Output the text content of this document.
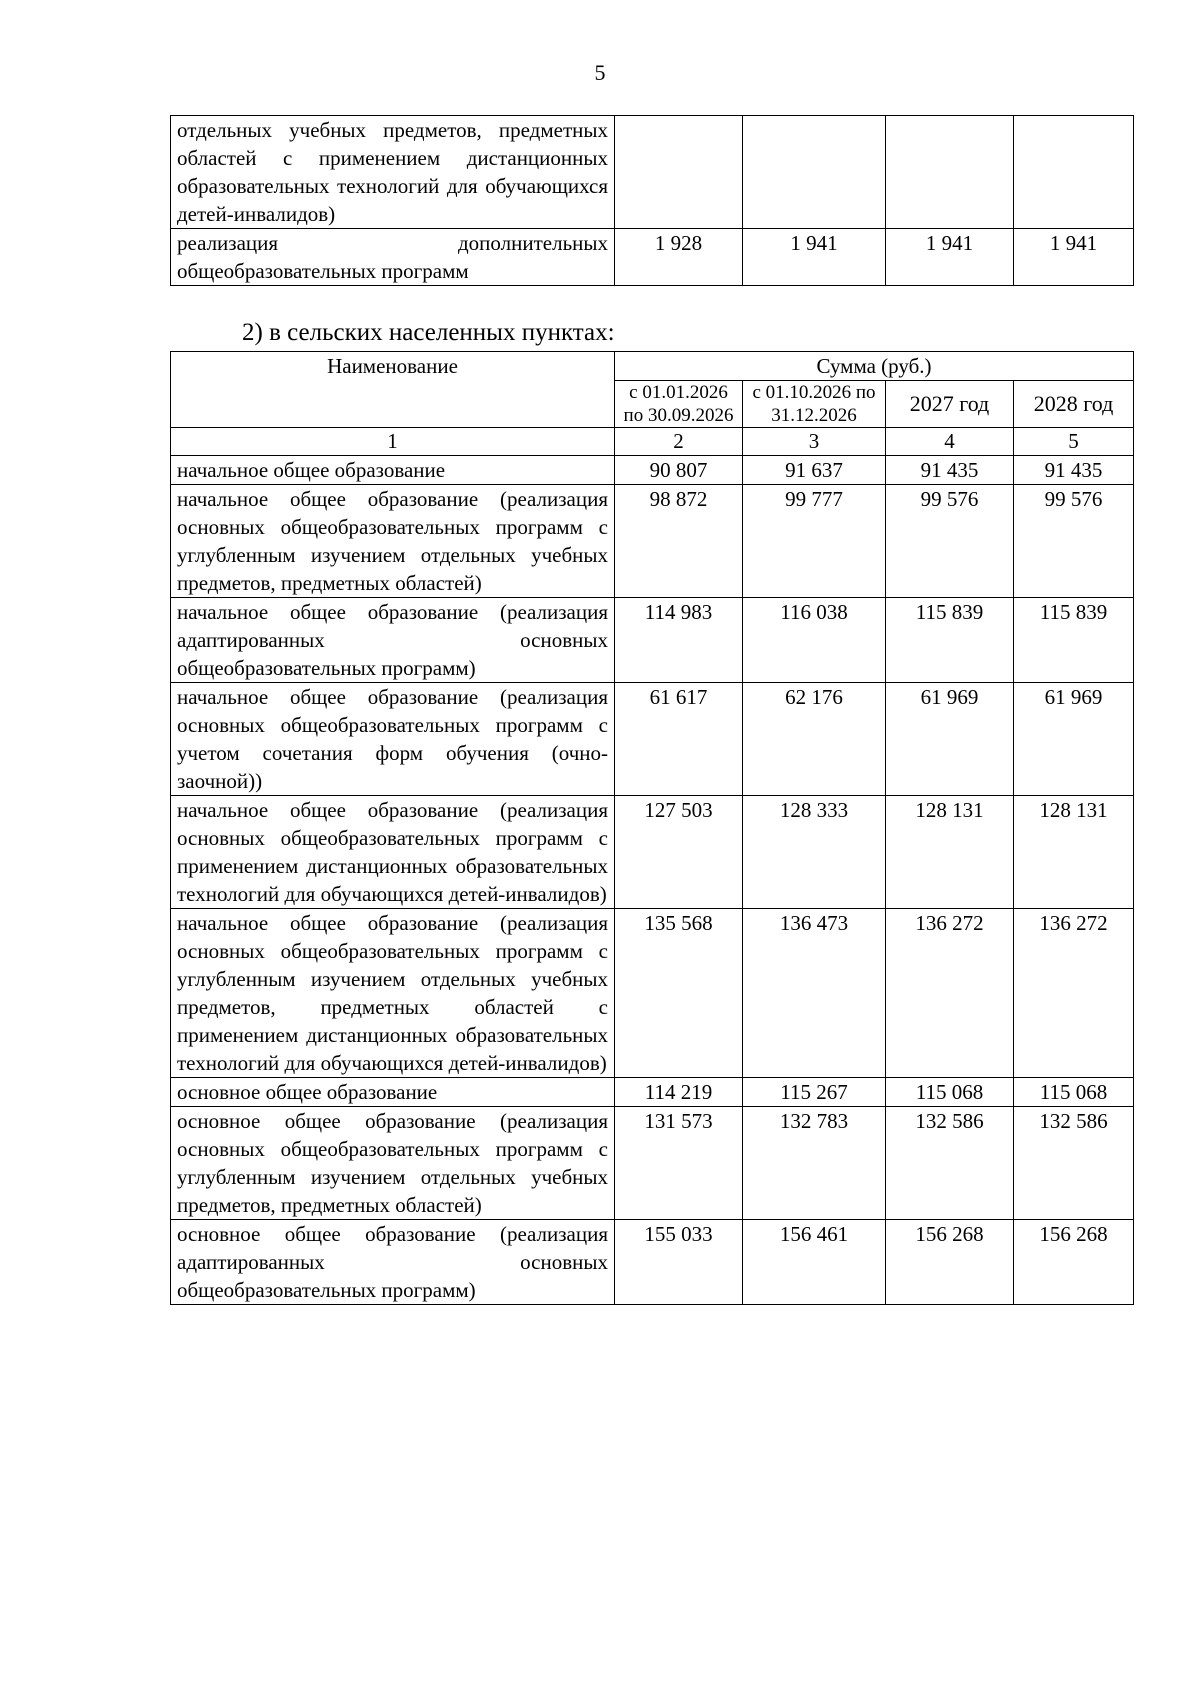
5
отдельных учебных предметов, предметных областей с применением дистанционных образовательных технологий для обучающихся детей-инвалидов)				
реализация дополнительных общеобразовательных программ	1 928	1 941	1 941	1 941
2) в сельских населенных пунктах:
Наименование	Сумма (руб.)			
	с 01.01.2026 по 30.09.2026	с 01.10.2026 по 31.12.2026	2027 год	2028 год
1	2	3	4	5
начальное общее образование	90 807	91 637	91 435	91 435
начальное общее образование (реализация основных общеобразовательных программ с углубленным изучением отдельных учебных предметов, предметных областей)	98 872	99 777	99 576	99 576
начальное общее образование (реализация адаптированных основных общеобразовательных программ)	114 983	116 038	115 839	115 839
начальное общее образование (реализация основных общеобразовательных программ с учетом сочетания форм обучения (очно-заочной))	61 617	62 176	61 969	61 969
начальное общее образование (реализация основных общеобразовательных программ с применением дистанционных образовательных технологий для обучающихся детей-инвалидов)	127 503	128 333	128 131	128 131
начальное общее образование (реализация основных общеобразовательных программ с углубленным изучением отдельных учебных предметов, предметных областей с применением дистанционных образовательных технологий для обучающихся детей-инвалидов)	135 568	136 473	136 272	136 272
основное общее образование	114 219	115 267	115 068	115 068
основное общее образование (реализация основных общеобразовательных программ с углубленным изучением отдельных учебных предметов, предметных областей)	131 573	132 783	132 586	132 586
основное общее образование (реализация адаптированных основных общеобразовательных программ)	155 033	156 461	156 268	156 268
